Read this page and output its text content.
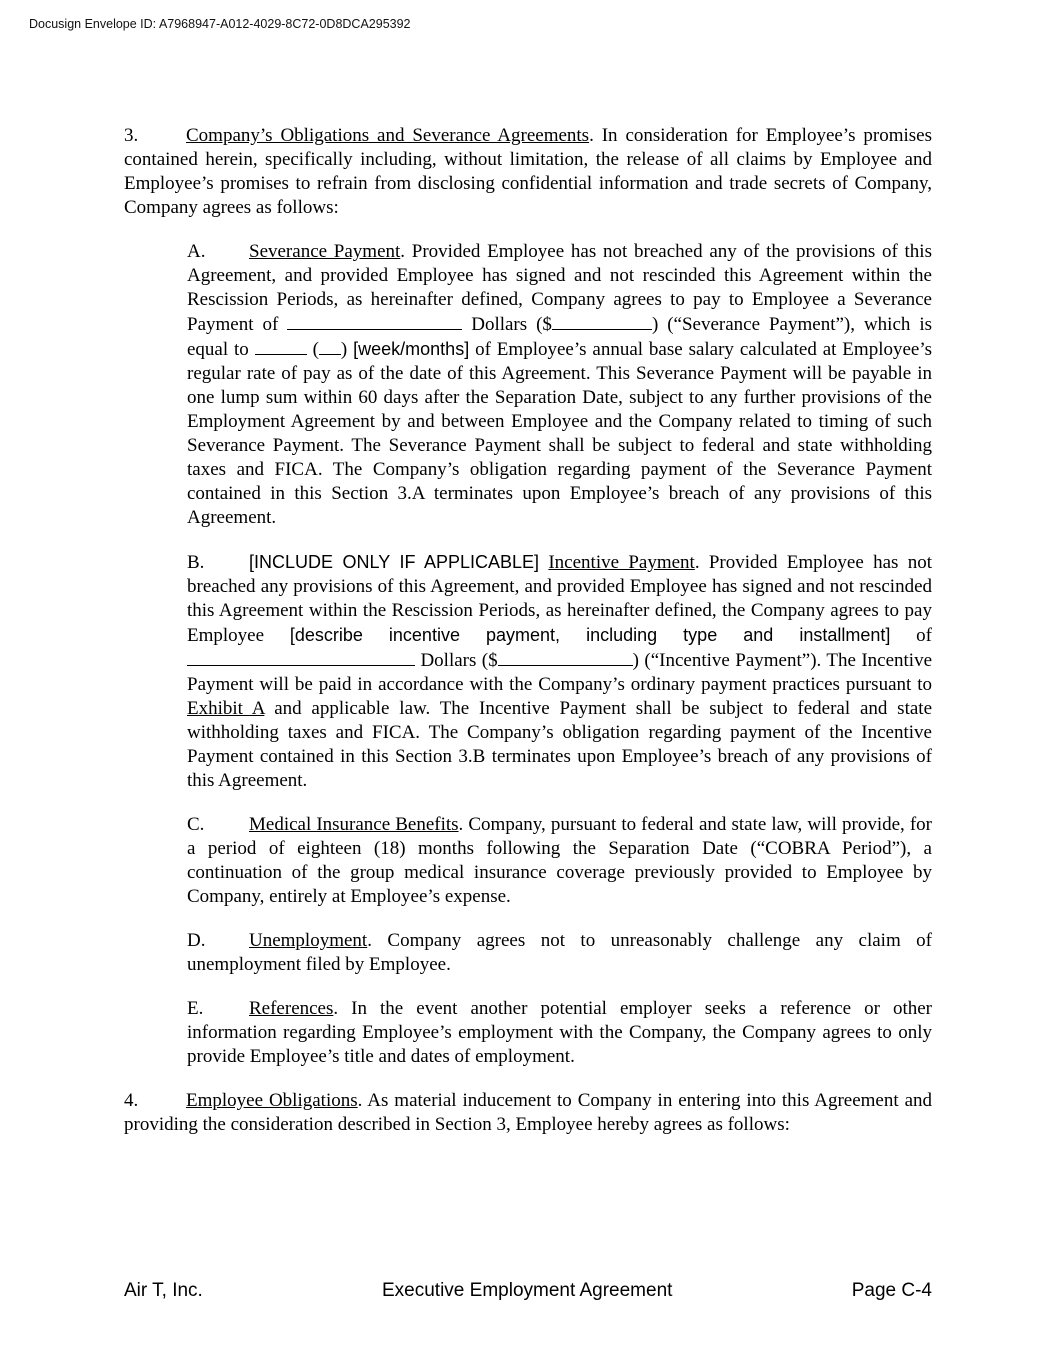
Docusign Envelope ID: A7968947-A012-4029-8C72-0D8DCA295392

3.	Company’s Obligations and Severance Agreements. In consideration for Employee’s promises contained herein, specifically including, without limitation, the release of all claims by Employee and Employee’s promises to refrain from disclosing confidential information and trade secrets of Company, Company agrees as follows:

A. Severance Payment. Provided Employee has not breached any of the provisions of this Agreement, and provided Employee has signed and not rescinded this Agreement within the Rescission Periods, as hereinafter defined, Company agrees to pay to Employee a Severance Payment of	Dollars ($	) (“Severance Payment”), which is equal to	( ) [week/months] of Employee’s annual base salary calculated at Employee’s regular rate of pay as of the date of this Agreement. This Severance Payment will be payable in one lump sum within 60 days after the Separation Date, subject to any further provisions of the Employment Agreement by and between Employee and the Company related to timing of such Severance Payment. The Severance Payment shall be subject to federal and state withholding taxes and FICA. The Company’s obligation regarding payment of the Severance Payment contained in this Section 3.A terminates upon Employee’s breach of any provisions of this Agreement.

B. [INCLUDE ONLY IF APPLICABLE] Incentive Payment. Provided Employee has not breached any provisions of this Agreement, and provided Employee has signed and not rescinded this Agreement within the Rescission Periods, as hereinafter defined, the Company agrees to pay Employee [describe incentive payment, including type and installment] of  Dollars ($	) (“Incentive Payment”). The Incentive Payment will be paid in accordance with the Company’s ordinary payment practices pursuant to Exhibit A and applicable law. The Incentive Payment shall be subject to federal and state withholding taxes and FICA. The Company’s obligation regarding payment of the Incentive Payment contained in this Section 3.B terminates upon Employee’s breach of any provisions of this Agreement.

C. Medical Insurance Benefits. Company, pursuant to federal and state law, will provide, for a period of eighteen (18) months following the Separation Date (“COBRA Period”), a continuation of the group medical insurance coverage previously provided to Employee by Company, entirely at Employee’s expense.

D. Unemployment. Company agrees not to unreasonably challenge any claim of unemployment filed by Employee.

E. References. In the event another potential employer seeks a reference or other information regarding Employee’s employment with the Company, the Company agrees to only provide Employee’s title and dates of employment.

4.	Employee Obligations. As material inducement to Company in entering into this Agreement and providing the consideration described in Section 3, Employee hereby agrees as follows:

Air T, Inc.	Executive Employment Agreement	Page C-4
